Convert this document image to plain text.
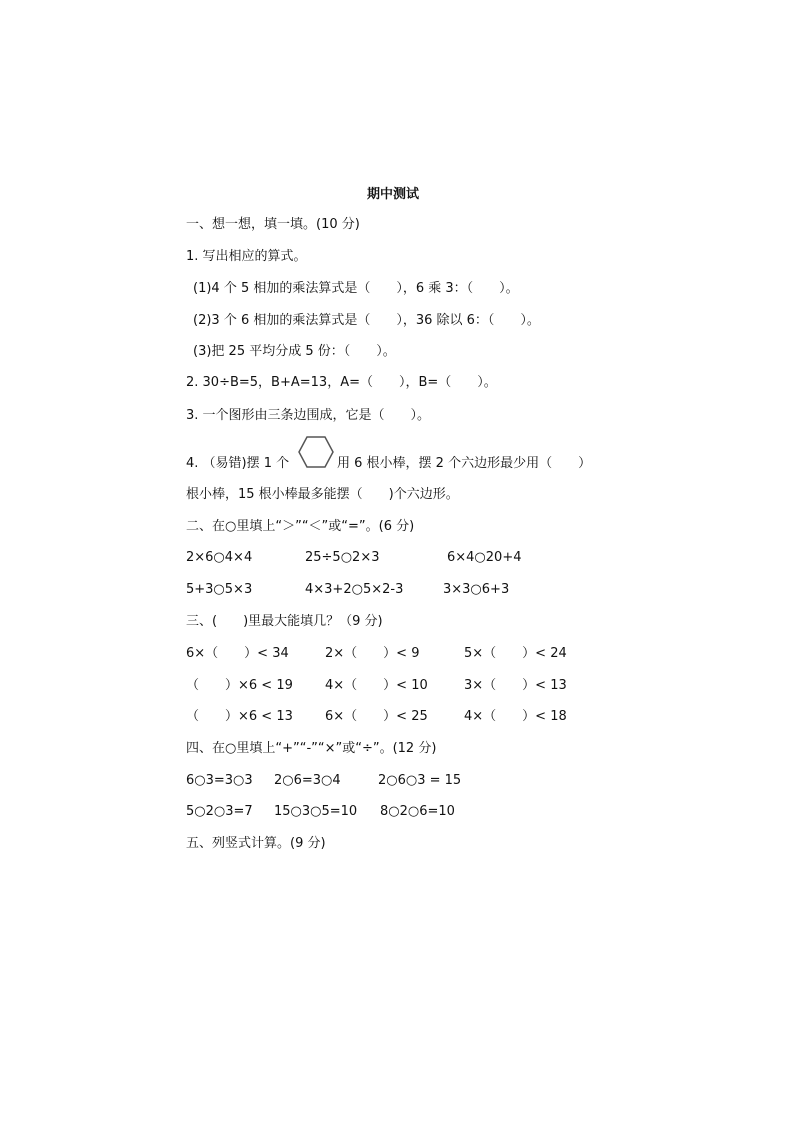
期中测试
一、想一想，填一填。(10 分)
1. 写出相应的算式。
(1)4 个 5 相加的乘法算式是（　　），6 乘 3：（　　）。
(2)3 个 6 相加的乘法算式是（　　），36 除以 6：（　　）。
(3)把 25 平均分成 5 份：（　　）。
2. 30÷B=5，B+A=13，A=（　　），B=（　　）。
3. 一个图形由三条边围成，它是（　　）。
4. （易错)摆 1 个	用 6 根小棒，摆 2 个六边形最少用（　　）
根小棒，15 根小棒最多能摆（　　)个六边形。
二、在○里填上“＞”“＜”或“=”。(6 分)
2×6○4×4	25÷5○2×3	6×4○20+4
5+3○5×3	4×3+2○5×2-3	3×3○6+3
三、(　　)里最大能填几？（9 分)
6×（　　）< 34	2×（　　）< 9	5×（　　）< 24
（　　）×6 < 19 4×（　　）< 10	3×（　　）< 13
（　　）×6 < 13 6×（　　）< 25	4×（　　）< 18
四、在○里填上“+”“-”“×”或“÷”。(12 分)
6○3=3○3 2○6=3○4	2○6○3 = 15
5○2○3=7 15○3○5=10 8○2○6=10
五、列竖式计算。(9 分)
